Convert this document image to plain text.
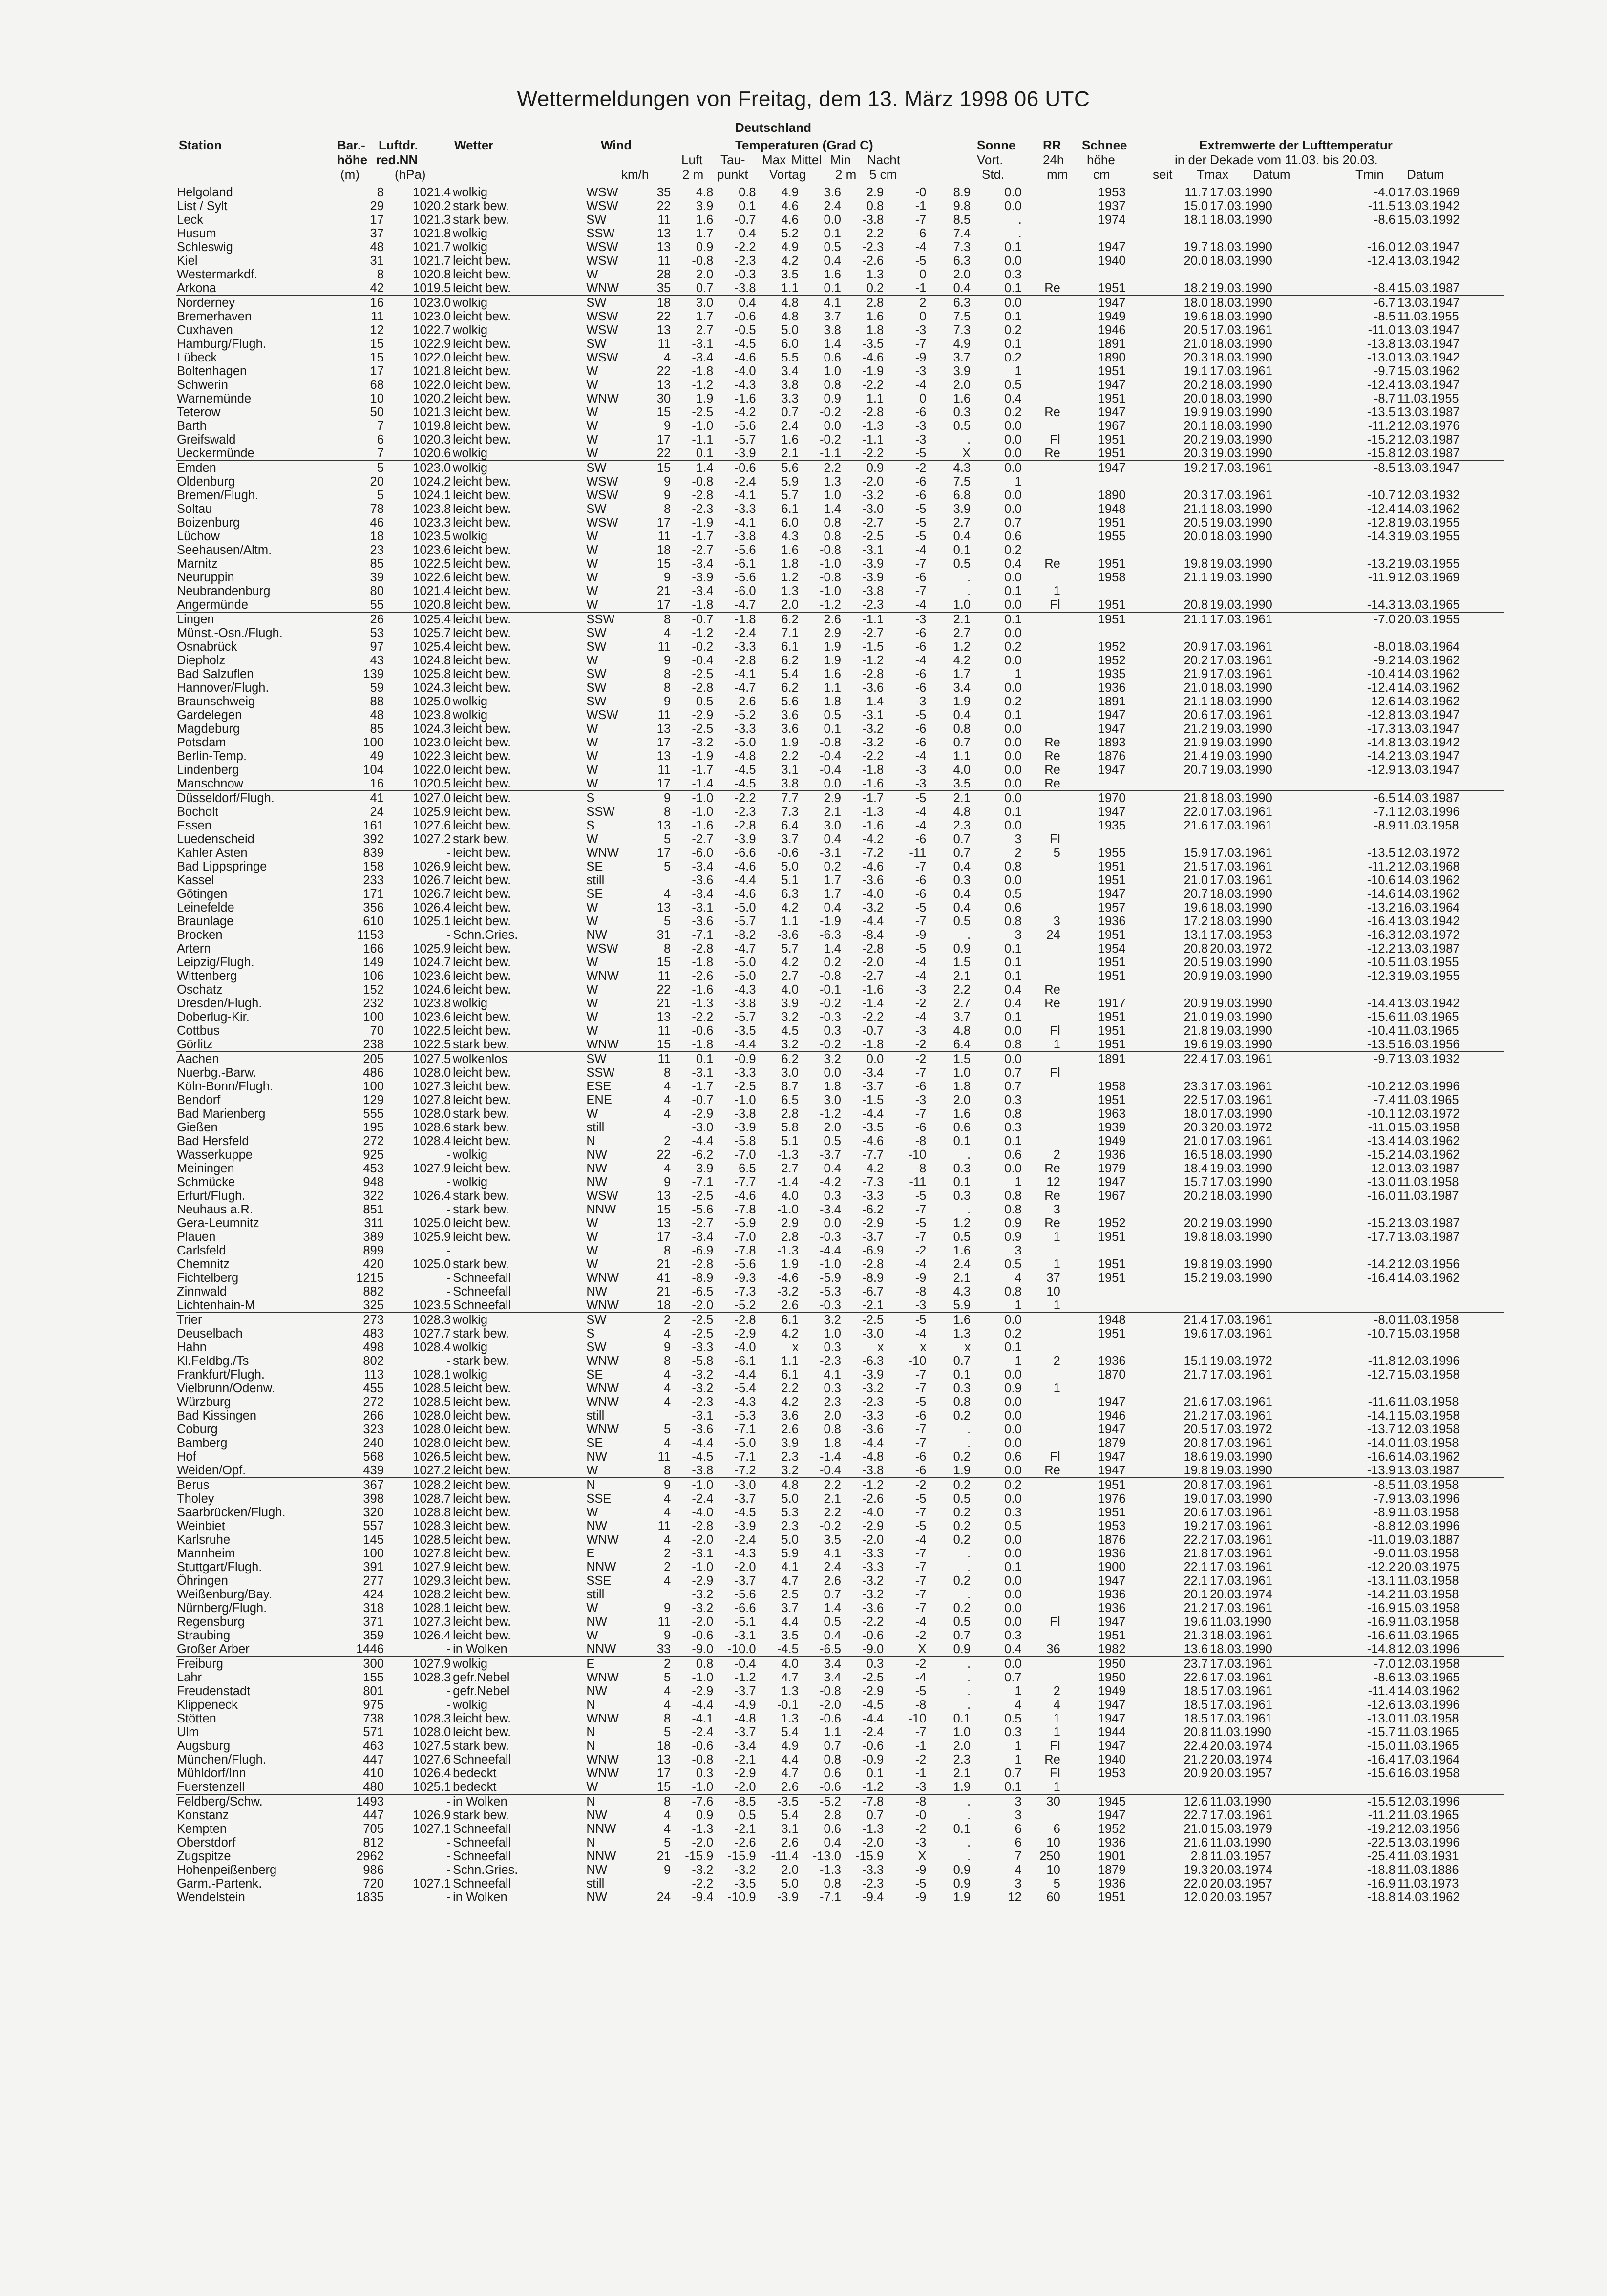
Wettermeldungen von Freitag, dem 13. März 1998 06 UTC
Deutschland
Station	Bar.- Luftdr.	Wetter	Wind	Temperaturen (Grad C)	Sonne RR Schnee	Extremwerte der Lufttemperatur
höhe red.NN	Luft Tau- Max Mittel Min Nacht	Vort.	24h höhe	in der Dekade vom 11.03. bis 20.03.
(m)	(hPa)	km/h	2 m punkt Vortag 2 m 5 cm	Std.	mm cm	seit Tmax Datum	Tmin Datum
Helgoland	8	1021.4	wolkig	WSW	35	4.8	0.8	4.9	3.6	2.9	-0	8.9	0.0		1953	11.7	17.03.1990	-4.0	17.03.1969
List / Sylt	29	1020.2	stark bew.	WSW	22	3.9	0.1	4.6	2.4	0.8	-1	9.8	0.0		1937	15.0	17.03.1990	-11.5	13.03.1942
Leck	17	1021.3	stark bew.	SW	11	1.6	-0.7	4.6	0.0	-3.8	-7	8.5	.		1974	18.1	18.03.1990	-8.6	15.03.1992
Husum	37	1021.8	wolkig	SSW	13	1.7	-0.4	5.2	0.1	-2.2	-6	7.4	.						
Schleswig	48	1021.7	wolkig	WSW	13	0.9	-2.2	4.9	0.5	-2.3	-4	7.3	0.1		1947	19.7	18.03.1990	-16.0	12.03.1947
Kiel	31	1021.7	leicht bew.	WSW	11	-0.8	-2.3	4.2	0.4	-2.6	-5	6.3	0.0		1940	20.0	18.03.1990	-12.4	13.03.1942
Westermarkdf.	8	1020.8	leicht bew.	W	28	2.0	-0.3	3.5	1.6	1.3	0	2.0	0.3						
Arkona	42	1019.5	leicht bew.	WNW	35	0.7	-3.8	1.1	0.1	0.2	-1	0.4	0.1	Re	1951	18.2	19.03.1990	-8.4	15.03.1987
Norderney	16	1023.0	wolkig	SW	18	3.0	0.4	4.8	4.1	2.8	2	6.3	0.0		1947	18.0	18.03.1990	-6.7	13.03.1947
Bremerhaven	11	1023.0	leicht bew.	WSW	22	1.7	-0.6	4.8	3.7	1.6	0	7.5	0.1		1949	19.6	18.03.1990	-8.5	11.03.1955
Cuxhaven	12	1022.7	wolkig	WSW	13	2.7	-0.5	5.0	3.8	1.8	-3	7.3	0.2		1946	20.5	17.03.1961	-11.0	13.03.1947
Hamburg/Flugh.	15	1022.9	leicht bew.	SW	11	-3.1	-4.5	6.0	1.4	-3.5	-7	4.9	0.1		1891	21.0	18.03.1990	-13.8	13.03.1947
Lübeck	15	1022.0	leicht bew.	WSW	4	-3.4	-4.6	5.5	0.6	-4.6	-9	3.7	0.2		1890	20.3	18.03.1990	-13.0	13.03.1942
Boltenhagen	17	1021.8	leicht bew.	W	22	-1.8	-4.0	3.4	1.0	-1.9	-3	3.9	1		1951	19.1	17.03.1961	-9.7	15.03.1962
Schwerin	68	1022.0	leicht bew.	W	13	-1.2	-4.3	3.8	0.8	-2.2	-4	2.0	0.5		1947	20.2	18.03.1990	-12.4	13.03.1947
Warnemünde	10	1020.2	leicht bew.	WNW	30	1.9	-1.6	3.3	0.9	1.1	0	1.6	0.4		1951	20.0	18.03.1990	-8.7	11.03.1955
Teterow	50	1021.3	leicht bew.	W	15	-2.5	-4.2	0.7	-0.2	-2.8	-6	0.3	0.2	Re	1947	19.9	19.03.1990	-13.5	13.03.1987
Barth	7	1019.8	leicht bew.	W	9	-1.0	-5.6	2.4	0.0	-1.3	-3	0.5	0.0		1967	20.1	18.03.1990	-11.2	12.03.1976
Greifswald	6	1020.3	leicht bew.	W	17	-1.1	-5.7	1.6	-0.2	-1.1	-3	.	0.0	Fl	1951	20.2	19.03.1990	-15.2	12.03.1987
Ueckermünde	7	1020.6	wolkig	W	22	0.1	-3.9	2.1	-1.1	-2.2	-5	X	0.0	Re	1951	20.3	19.03.1990	-15.8	12.03.1987
Emden	5	1023.0	wolkig	SW	15	1.4	-0.6	5.6	2.2	0.9	-2	4.3	0.0		1947	19.2	17.03.1961	-8.5	13.03.1947
Oldenburg	20	1024.2	leicht bew.	WSW	9	-0.8	-2.4	5.9	1.3	-2.0	-6	7.5	1						
Bremen/Flugh.	5	1024.1	leicht bew.	WSW	9	-2.8	-4.1	5.7	1.0	-3.2	-6	6.8	0.0		1890	20.3	17.03.1961	-10.7	12.03.1932
Soltau	78	1023.8	leicht bew.	SW	8	-2.3	-3.3	6.1	1.4	-3.0	-5	3.9	0.0		1948	21.1	18.03.1990	-12.4	14.03.1962
Boizenburg	46	1023.3	leicht bew.	WSW	17	-1.9	-4.1	6.0	0.8	-2.7	-5	2.7	0.7		1951	20.5	19.03.1990	-12.8	19.03.1955
Lüchow	18	1023.5	wolkig	W	11	-1.7	-3.8	4.3	0.8	-2.5	-5	0.4	0.6		1955	20.0	18.03.1990	-14.3	19.03.1955
Seehausen/Altm.	23	1023.6	leicht bew.	W	18	-2.7	-5.6	1.6	-0.8	-3.1	-4	0.1	0.2						
Marnitz	85	1022.5	leicht bew.	W	15	-3.4	-6.1	1.8	-1.0	-3.9	-7	0.5	0.4	Re	1951	19.8	19.03.1990	-13.2	19.03.1955
Neuruppin	39	1022.6	leicht bew.	W	9	-3.9	-5.6	1.2	-0.8	-3.9	-6	.	0.0		1958	21.1	19.03.1990	-11.9	12.03.1969
Neubrandenburg	80	1021.4	leicht bew.	W	21	-3.4	-6.0	1.3	-1.0	-3.8	-7	.	0.1	1					
Angermünde	55	1020.8	leicht bew.	W	17	-1.8	-4.7	2.0	-1.2	-2.3	-4	1.0	0.0	Fl	1951	20.8	19.03.1990	-14.3	13.03.1965
Lingen	26	1025.4	leicht bew.	SSW	8	-0.7	-1.8	6.2	2.6	-1.1	-3	2.1	0.1		1951	21.1	17.03.1961	-7.0	20.03.1955
Münst.-Osn./Flugh.	53	1025.7	leicht bew.	SW	4	-1.2	-2.4	7.1	2.9	-2.7	-6	2.7	0.0						
Osnabrück	97	1025.4	leicht bew.	SW	11	-0.2	-3.3	6.1	1.9	-1.5	-6	1.2	0.2		1952	20.9	17.03.1961	-8.0	18.03.1964
Diepholz	43	1024.8	leicht bew.	W	9	-0.4	-2.8	6.2	1.9	-1.2	-4	4.2	0.0		1952	20.2	17.03.1961	-9.2	14.03.1962
Bad Salzuflen	139	1025.8	leicht bew.	SW	8	-2.5	-4.1	5.4	1.6	-2.8	-6	1.7	1		1935	21.9	17.03.1961	-10.4	14.03.1962
Hannover/Flugh.	59	1024.3	leicht bew.	SW	8	-2.8	-4.7	6.2	1.1	-3.6	-6	3.4	0.0		1936	21.0	18.03.1990	-12.4	14.03.1962
Braunschweig	88	1025.0	wolkig	SW	9	-0.5	-2.6	5.6	1.8	-1.4	-3	1.9	0.2		1891	21.1	18.03.1990	-12.6	14.03.1962
Gardelegen	48	1023.8	wolkig	WSW	11	-2.9	-5.2	3.6	0.5	-3.1	-5	0.4	0.1		1947	20.6	17.03.1961	-12.8	13.03.1947
Magdeburg	85	1024.3	leicht bew.	W	13	-2.5	-3.3	3.6	0.1	-3.2	-6	0.8	0.0		1947	21.2	19.03.1990	-17.3	13.03.1947
Potsdam	100	1023.0	leicht bew.	W	17	-3.2	-5.0	1.9	-0.8	-3.2	-6	0.7	0.0	Re	1893	21.9	19.03.1990	-14.8	13.03.1942
Berlin-Temp.	49	1022.3	leicht bew.	W	13	-1.9	-4.8	2.2	-0.4	-2.2	-4	1.1	0.0	Re	1876	21.4	19.03.1990	-14.2	13.03.1947
Lindenberg	104	1022.0	leicht bew.	W	11	-1.7	-4.5	3.1	-0.4	-1.8	-3	4.0	0.0	Re	1947	20.7	19.03.1990	-12.9	13.03.1947
Manschnow	16	1020.5	leicht bew.	W	17	-1.4	-4.5	3.8	0.0	-1.6	-3	3.5	0.0	Re					
Düsseldorf/Flugh.	41	1027.0	leicht bew.	S	9	-1.0	-2.2	7.7	2.9	-1.7	-5	2.1	0.0		1970	21.8	18.03.1990	-6.5	14.03.1987
Bocholt	24	1025.9	leicht bew.	SSW	8	-1.0	-2.3	7.3	2.1	-1.3	-4	4.8	0.1		1947	22.0	17.03.1961	-7.1	12.03.1996
Essen	161	1027.6	leicht bew.	S	13	-1.6	-2.8	6.4	3.0	-1.6	-4	2.3	0.0		1935	21.6	17.03.1961	-8.9	11.03.1958
Luedenscheid	392	1027.2	stark bew.	W	5	-2.7	-3.9	3.7	0.4	-4.2	-6	0.7	3	Fl					
Kahler Asten	839	-	leicht bew.	WNW	17	-6.0	-6.6	-0.6	-3.1	-7.2	-11	0.7	2	5	1955	15.9	17.03.1961	-13.5	12.03.1972
Bad Lippspringe	158	1026.9	leicht bew.	SE	5	-3.4	-4.6	5.0	0.2	-4.6	-7	0.4	0.8		1951	21.5	17.03.1961	-11.2	12.03.1968
Kassel	233	1026.7	leicht bew.	still		-3.6	-4.4	5.1	1.7	-3.6	-6	0.3	0.0		1951	21.0	17.03.1961	-10.6	14.03.1962
Götingen	171	1026.7	leicht bew.	SE	4	-3.4	-4.6	6.3	1.7	-4.0	-6	0.4	0.5		1947	20.7	18.03.1990	-14.6	14.03.1962
Leinefelde	356	1026.4	leicht bew.	W	13	-3.1	-5.0	4.2	0.4	-3.2	-5	0.4	0.6		1957	19.6	18.03.1990	-13.2	16.03.1964
Braunlage	610	1025.1	leicht bew.	W	5	-3.6	-5.7	1.1	-1.9	-4.4	-7	0.5	0.8	3	1936	17.2	18.03.1990	-16.4	13.03.1942
Brocken	1153	-	Schn.Gries.	NW	31	-7.1	-8.2	-3.6	-6.3	-8.4	-9	.	3	24	1951	13.1	17.03.1953	-16.3	12.03.1972
Artern	166	1025.9	leicht bew.	WSW	8	-2.8	-4.7	5.7	1.4	-2.8	-5	0.9	0.1		1954	20.8	20.03.1972	-12.2	13.03.1987
Leipzig/Flugh.	149	1024.7	leicht bew.	W	15	-1.8	-5.0	4.2	0.2	-2.0	-4	1.5	0.1		1951	20.5	19.03.1990	-10.5	11.03.1955
Wittenberg	106	1023.6	leicht bew.	WNW	11	-2.6	-5.0	2.7	-0.8	-2.7	-4	2.1	0.1		1951	20.9	19.03.1990	-12.3	19.03.1955
Oschatz	152	1024.6	leicht bew.	W	22	-1.6	-4.3	4.0	-0.1	-1.6	-3	2.2	0.4	Re					
Dresden/Flugh.	232	1023.8	wolkig	W	21	-1.3	-3.8	3.9	-0.2	-1.4	-2	2.7	0.4	Re	1917	20.9	19.03.1990	-14.4	13.03.1942
Doberlug-Kir.	100	1023.6	leicht bew.	W	13	-2.2	-5.7	3.2	-0.3	-2.2	-4	3.7	0.1		1951	21.0	19.03.1990	-15.6	11.03.1965
Cottbus	70	1022.5	leicht bew.	W	11	-0.6	-3.5	4.5	0.3	-0.7	-3	4.8	0.0	Fl	1951	21.8	19.03.1990	-10.4	11.03.1965
Görlitz	238	1022.5	stark bew.	WNW	15	-1.8	-4.4	3.2	-0.2	-1.8	-2	6.4	0.8	1	1951	19.6	19.03.1990	-13.5	16.03.1956
Aachen	205	1027.5	wolkenlos	SW	11	0.1	-0.9	6.2	3.2	0.0	-2	1.5	0.0		1891	22.4	17.03.1961	-9.7	13.03.1932
Nuerbg.-Barw.	486	1028.0	leicht bew.	SSW	8	-3.1	-3.3	3.0	0.0	-3.4	-7	1.0	0.7	Fl					
Köln-Bonn/Flugh.	100	1027.3	leicht bew.	ESE	4	-1.7	-2.5	8.7	1.8	-3.7	-6	1.8	0.7		1958	23.3	17.03.1961	-10.2	12.03.1996
Bendorf	129	1027.8	leicht bew.	ENE	4	-0.7	-1.0	6.5	3.0	-1.5	-3	2.0	0.3		1951	22.5	17.03.1961	-7.4	11.03.1965
Bad Marienberg	555	1028.0	stark bew.	W	4	-2.9	-3.8	2.8	-1.2	-4.4	-7	1.6	0.8		1963	18.0	17.03.1990	-10.1	12.03.1972
Gießen	195	1028.6	stark bew.	still		-3.0	-3.9	5.8	2.0	-3.5	-6	0.6	0.3		1939	20.3	20.03.1972	-11.0	15.03.1958
Bad Hersfeld	272	1028.4	leicht bew.	N	2	-4.4	-5.8	5.1	0.5	-4.6	-8	0.1	0.1		1949	21.0	17.03.1961	-13.4	14.03.1962
Wasserkuppe	925	-	wolkig	NW	22	-6.2	-7.0	-1.3	-3.7	-7.7	-10	.	0.6	2	1936	16.5	18.03.1990	-15.2	14.03.1962
Meiningen	453	1027.9	leicht bew.	NW	4	-3.9	-6.5	2.7	-0.4	-4.2	-8	0.3	0.0	Re	1979	18.4	19.03.1990	-12.0	13.03.1987
Schmücke	948	-	wolkig	NW	9	-7.1	-7.7	-1.4	-4.2	-7.3	-11	0.1	1	12	1947	15.7	17.03.1990	-13.0	11.03.1958
Erfurt/Flugh.	322	1026.4	stark bew.	WSW	13	-2.5	-4.6	4.0	0.3	-3.3	-5	0.3	0.8	Re	1967	20.2	18.03.1990	-16.0	11.03.1987
Neuhaus a.R.	851	-	stark bew.	NNW	15	-5.6	-7.8	-1.0	-3.4	-6.2	-7	.	0.8	3					
Gera-Leumnitz	311	1025.0	leicht bew.	W	13	-2.7	-5.9	2.9	0.0	-2.9	-5	1.2	0.9	Re	1952	20.2	19.03.1990	-15.2	13.03.1987
Plauen	389	1025.9	leicht bew.	W	17	-3.4	-7.0	2.8	-0.3	-3.7	-7	0.5	0.9	1	1951	19.8	18.03.1990	-17.7	13.03.1987
Carlsfeld	899	-		W	8	-6.9	-7.8	-1.3	-4.4	-6.9	-2	1.6	3						
Chemnitz	420	1025.0	stark bew.	W	21	-2.8	-5.6	1.9	-1.0	-2.8	-4	2.4	0.5	1	1951	19.8	19.03.1990	-14.2	12.03.1956
Fichtelberg	1215	-	Schneefall	WNW	41	-8.9	-9.3	-4.6	-5.9	-8.9	-9	2.1	4	37	1951	15.2	19.03.1990	-16.4	14.03.1962
Zinnwald	882	-	Schneefall	NW	21	-6.5	-7.3	-3.2	-5.3	-6.7	-8	4.3	0.8	10					
Lichtenhain-M	325	1023.5	Schneefall	WNW	18	-2.0	-5.2	2.6	-0.3	-2.1	-3	5.9	1	1					
Trier	273	1028.3	wolkig	SW	2	-2.5	-2.8	6.1	3.2	-2.5	-5	1.6	0.0		1948	21.4	17.03.1961	-8.0	11.03.1958
Deuselbach	483	1027.7	stark bew.	S	4	-2.5	-2.9	4.2	1.0	-3.0	-4	1.3	0.2		1951	19.6	17.03.1961	-10.7	15.03.1958
Hahn	498	1028.4	wolkig	SW	9	-3.3	-4.0	x	0.3	x	x	x	0.1						
Kl.Feldbg./Ts	802	-	stark bew.	WNW	8	-5.8	-6.1	1.1	-2.3	-6.3	-10	0.7	1	2	1936	15.1	19.03.1972	-11.8	12.03.1996
Frankfurt/Flugh.	113	1028.1	wolkig	SE	4	-3.2	-4.4	6.1	4.1	-3.9	-7	0.1	0.0		1870	21.7	17.03.1961	-12.7	15.03.1958
Vielbrunn/Odenw.	455	1028.5	leicht bew.	WNW	4	-3.2	-5.4	2.2	0.3	-3.2	-7	0.3	0.9	1					
Würzburg	272	1028.5	leicht bew.	WNW	4	-2.3	-4.3	4.2	2.3	-2.3	-5	0.8	0.0		1947	21.6	17.03.1961	-11.6	11.03.1958
Bad Kissingen	266	1028.0	leicht bew.	still		-3.1	-5.3	3.6	2.0	-3.3	-6	0.2	0.0		1946	21.2	17.03.1961	-14.1	15.03.1958
Coburg	323	1028.0	leicht bew.	WNW	5	-3.6	-7.1	2.6	0.8	-3.6	-7	.	0.0		1947	20.5	17.03.1972	-13.7	12.03.1958
Bamberg	240	1028.0	leicht bew.	SE	4	-4.4	-5.0	3.9	1.8	-4.4	-7	.	0.0		1879	20.8	17.03.1961	-14.0	11.03.1958
Hof	568	1026.5	leicht bew.	NW	11	-4.5	-7.1	2.3	-1.4	-4.8	-6	0.2	0.6	Fl	1947	18.6	19.03.1990	-16.6	14.03.1962
Weiden/Opf.	439	1027.2	leicht bew.	W	8	-3.8	-7.2	3.2	-0.4	-3.8	-6	1.9	0.0	Re	1947	19.8	19.03.1990	-13.9	13.03.1987
Berus	367	1028.2	leicht bew.	N	9	-1.0	-3.0	4.8	2.2	-1.2	-2	0.2	0.2		1951	20.8	17.03.1961	-8.5	11.03.1958
Tholey	398	1028.7	leicht bew.	SSE	4	-2.4	-3.7	5.0	2.1	-2.6	-5	0.5	0.0		1976	19.0	17.03.1990	-7.9	13.03.1996
Saarbrücken/Flugh.	320	1028.8	leicht bew.	W	4	-4.0	-4.5	5.3	2.2	-4.0	-7	0.2	0.3		1951	20.6	17.03.1961	-8.9	11.03.1958
Weinbiet	557	1028.3	leicht bew.	NW	11	-2.8	-3.9	2.3	-0.2	-2.9	-5	0.2	0.5		1953	19.2	17.03.1961	-8.8	12.03.1996
Karlsruhe	145	1028.5	leicht bew.	WNW	4	-2.0	-2.4	5.0	3.5	-2.0	-4	0.2	0.0		1876	22.2	17.03.1961	-11.0	19.03.1887
Mannheim	100	1027.8	leicht bew.	E	2	-3.1	-4.3	5.9	4.1	-3.3	-7	.	0.0		1936	21.8	17.03.1961	-9.0	11.03.1958
Stuttgart/Flugh.	391	1027.9	leicht bew.	NNW	2	-1.0	-2.0	4.1	2.4	-3.3	-7	.	0.1		1900	22.1	17.03.1961	-12.2	20.03.1975
Öhringen	277	1029.3	leicht bew.	SSE	4	-2.9	-3.7	4.7	2.6	-3.2	-7	0.2	0.0		1947	22.1	17.03.1961	-13.1	11.03.1958
Weißenburg/Bay.	424	1028.2	leicht bew.	still		-3.2	-5.6	2.5	0.7	-3.2	-7	.	0.0		1936	20.1	20.03.1974	-14.2	11.03.1958
Nürnberg/Flugh.	318	1028.1	leicht bew.	W	9	-3.2	-6.6	3.7	1.4	-3.6	-7	0.2	0.0		1936	21.2	17.03.1961	-16.9	15.03.1958
Regensburg	371	1027.3	leicht bew.	NW	11	-2.0	-5.1	4.4	0.5	-2.2	-4	0.5	0.0	Fl	1947	19.6	11.03.1990	-16.9	11.03.1958
Straubing	359	1026.4	leicht bew.	W	9	-0.6	-3.1	3.5	0.4	-0.6	-2	0.7	0.3		1951	21.3	18.03.1961	-16.6	11.03.1965
Großer Arber	1446	-	in Wolken	NNW	33	-9.0	-10.0	-4.5	-6.5	-9.0	X	0.9	0.4	36	1982	13.6	18.03.1990	-14.8	12.03.1996
Freiburg	300	1027.9	wolkig	E	2	0.8	-0.4	4.0	3.4	0.3	-2	.	0.0		1950	23.7	17.03.1961	-7.0	12.03.1958
Lahr	155	1028.3	gefr.Nebel	WNW	5	-1.0	-1.2	4.7	3.4	-2.5	-4	.	0.7		1950	22.6	17.03.1961	-8.6	13.03.1965
Freudenstadt	801	-	gefr.Nebel	NW	4	-2.9	-3.7	1.3	-0.8	-2.9	-5	.	1	2	1949	18.5	17.03.1961	-11.4	14.03.1962
Klippeneck	975	-	wolkig	N	4	-4.4	-4.9	-0.1	-2.0	-4.5	-8	.	4	4	1947	18.5	17.03.1961	-12.6	13.03.1996
Stötten	738	1028.3	leicht bew.	WNW	8	-4.1	-4.8	1.3	-0.6	-4.4	-10	0.1	0.5	1	1947	18.5	17.03.1961	-13.0	11.03.1958
Ulm	571	1028.0	leicht bew.	N	5	-2.4	-3.7	5.4	1.1	-2.4	-7	1.0	0.3	1	1944	20.8	11.03.1990	-15.7	11.03.1965
Augsburg	463	1027.5	stark bew.	N	18	-0.6	-3.4	4.9	0.7	-0.6	-1	2.0	1	Fl	1947	22.4	20.03.1974	-15.0	11.03.1965
München/Flugh.	447	1027.6	Schneefall	WNW	13	-0.8	-2.1	4.4	0.8	-0.9	-2	2.3	1	Re	1940	21.2	20.03.1974	-16.4	17.03.1964
Mühldorf/Inn	410	1026.4	bedeckt	WNW	17	0.3	-2.9	4.7	0.6	0.1	-1	2.1	0.7	Fl	1953	20.9	20.03.1957	-15.6	16.03.1958
Fuerstenzell	480	1025.1	bedeckt	W	15	-1.0	-2.0	2.6	-0.6	-1.2	-3	1.9	0.1	1					
Feldberg/Schw.	1493	-	in Wolken	N	8	-7.6	-8.5	-3.5	-5.2	-7.8	-8	.	3	30	1945	12.6	11.03.1990	-15.5	12.03.1996
Konstanz	447	1026.9	stark bew.	NW	4	0.9	0.5	5.4	2.8	0.7	-0	.	3		1947	22.7	17.03.1961	-11.2	11.03.1965
Kempten	705	1027.1	Schneefall	NNW	4	-1.3	-2.1	3.1	0.6	-1.3	-2	0.1	6	6	1952	21.0	15.03.1979	-19.2	12.03.1956
Oberstdorf	812	-	Schneefall	N	5	-2.0	-2.6	2.6	0.4	-2.0	-3	.	6	10	1936	21.6	11.03.1990	-22.5	13.03.1996
Zugspitze	2962	-	Schneefall	NNW	21	-15.9	-15.9	-11.4	-13.0	-15.9	X	.	7	250	1901	2.8	11.03.1957	-25.4	11.03.1931
Hohenpeißenberg	986	-	Schn.Gries.	NW	9	-3.2	-3.2	2.0	-1.3	-3.3	-9	0.9	4	10	1879	19.3	20.03.1974	-18.8	11.03.1886
Garm.-Partenk.	720	1027.1	Schneefall	still		-2.2	-3.5	5.0	0.8	-2.3	-5	0.9	3	5	1936	22.0	20.03.1957	-16.9	11.03.1973
Wendelstein	1835	-	in Wolken	NW	24	-9.4	-10.9	-3.9	-7.1	-9.4	-9	1.9	12	60	1951	12.0	20.03.1957	-18.8	14.03.1962
